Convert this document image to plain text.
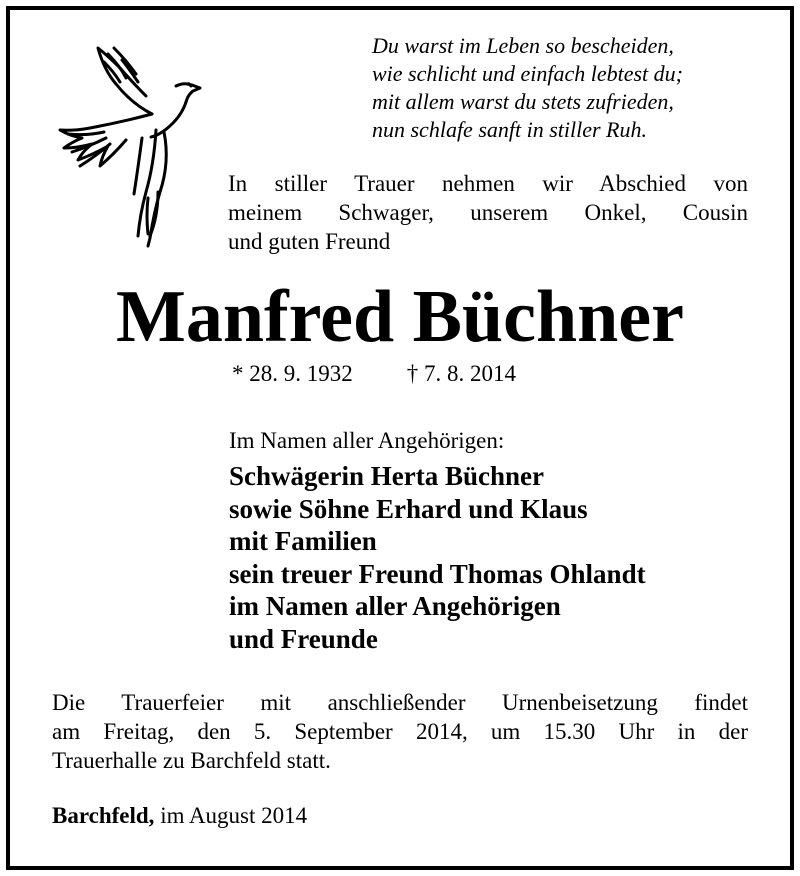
Du warst im Leben so bescheiden,
wie schlicht und einfach lebtest du;
mit allem warst du stets zufrieden,
nun schlafe sanft in stiller Ruh.
In stiller Trauer nehmen wir Abschied von
meinem Schwager, unserem Onkel, Cousin
und guten Freund
Manfred Büchner
* 28. 9. 1932 † 7. 8. 2014
Im Namen aller Angehörigen:
Schwägerin Herta Büchner
sowie Söhne Erhard und Klaus
mit Familien
sein treuer Freund Thomas Ohlandt
im Namen aller Angehörigen
und Freunde
Die Trauerfeier mit anschließender Urnenbeisetzung findet
am Freitag, den 5. September 2014, um 15.30 Uhr in der
Trauerhalle zu Barchfeld statt.
Barchfeld, im August 2014
